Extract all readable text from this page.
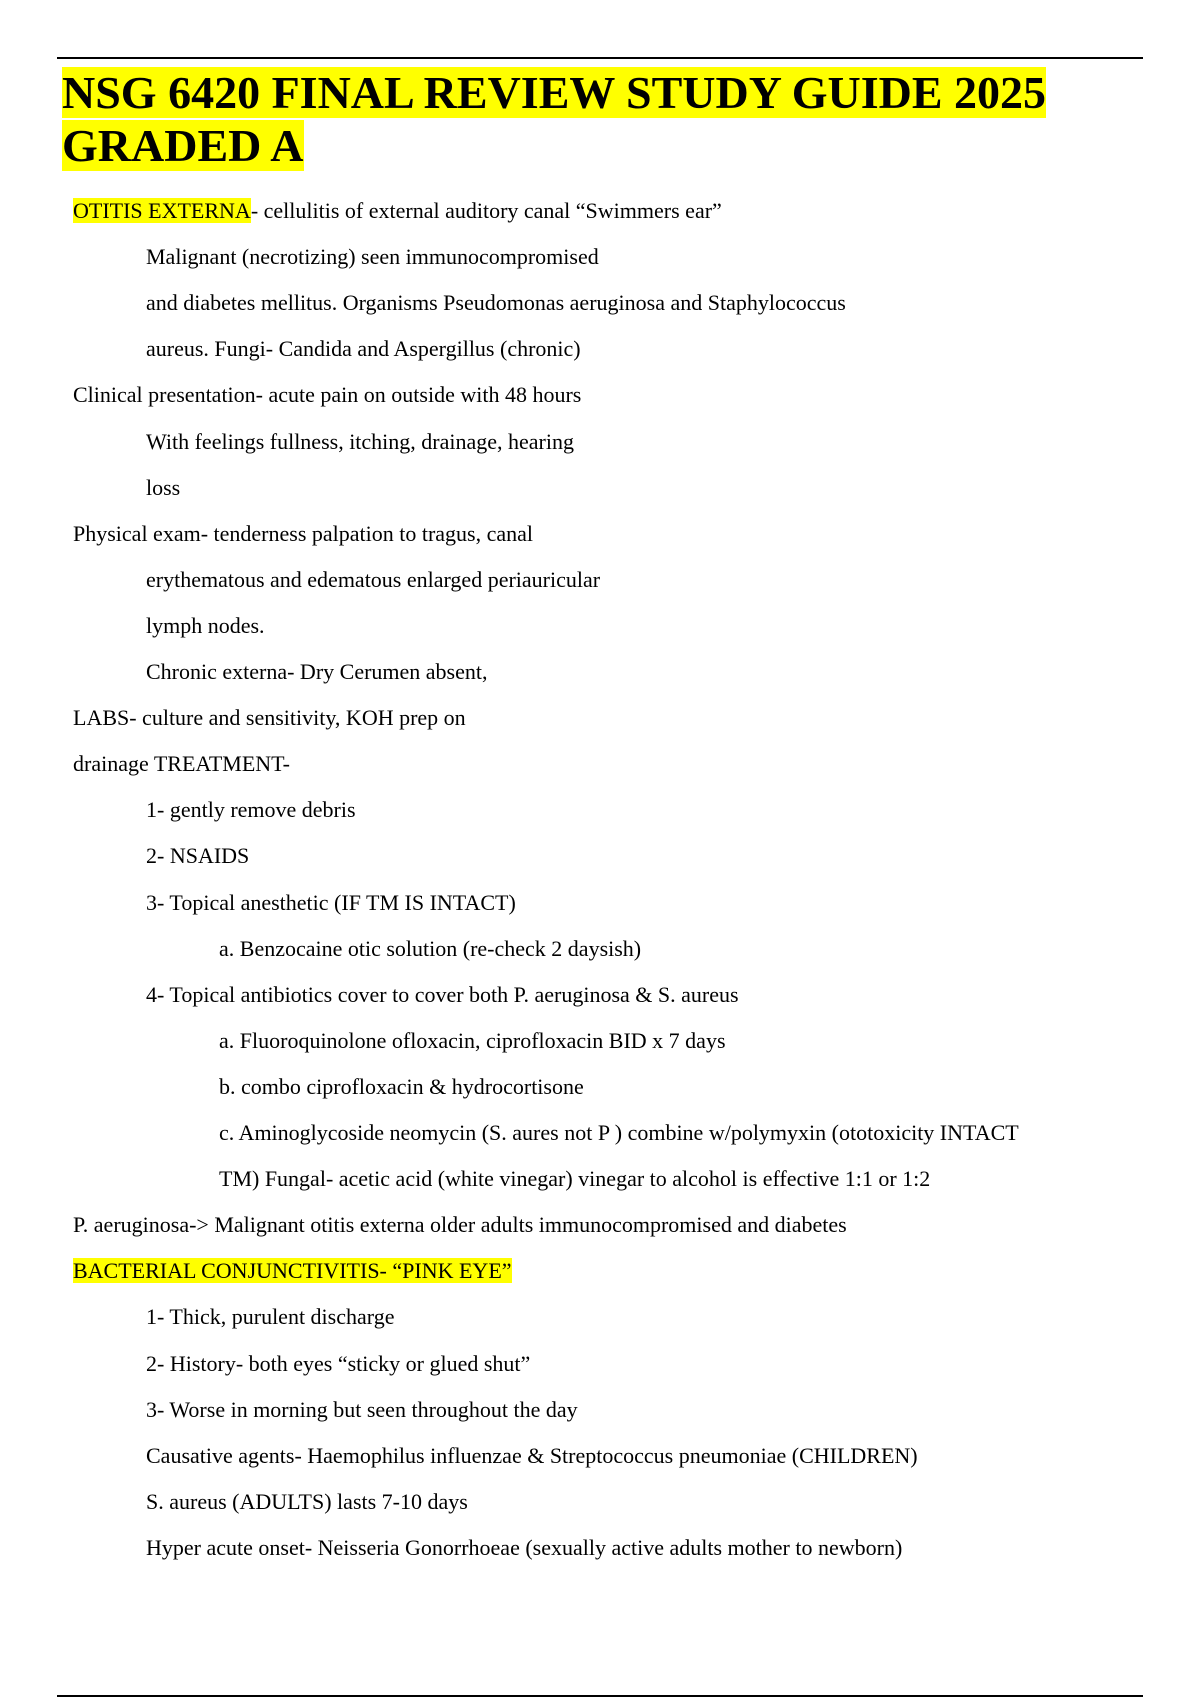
NSG 6420 FINAL REVIEW STUDY GUIDE 2025 GRADED A
OTITIS EXTERNA- cellulitis of external auditory canal “Swimmers ear”
Malignant (necrotizing) seen immunocompromised
and diabetes mellitus. Organisms Pseudomonas aeruginosa and Staphylococcus
aureus. Fungi- Candida and Aspergillus (chronic)
Clinical presentation- acute pain on outside with 48 hours
With feelings fullness, itching, drainage, hearing
loss
Physical exam- tenderness palpation to tragus, canal
erythematous and edematous enlarged periauricular
lymph nodes.
Chronic externa- Dry Cerumen absent,
LABS- culture and sensitivity, KOH prep on
drainage TREATMENT-
1- gently remove debris
2- NSAIDS
3- Topical anesthetic (IF TM IS INTACT)
a. Benzocaine otic solution (re-check 2 daysish)
4- Topical antibiotics cover to cover both P. aeruginosa & S. aureus
a. Fluoroquinolone ofloxacin, ciprofloxacin BID x 7 days
b. combo ciprofloxacin & hydrocortisone
c. Aminoglycoside neomycin (S. aures not P ) combine w/polymyxin (ototoxicity INTACT
TM) Fungal- acetic acid (white vinegar) vinegar to alcohol is effective 1:1 or 1:2
P. aeruginosa-> Malignant otitis externa older adults immunocompromised and diabetes
BACTERIAL CONJUNCTIVITIS- “PINK EYE”
1- Thick, purulent discharge
2- History- both eyes “sticky or glued shut”
3- Worse in morning but seen throughout the day
Causative agents- Haemophilus influenzae & Streptococcus pneumoniae (CHILDREN)
S. aureus (ADULTS) lasts 7-10 days
Hyper acute onset- Neisseria Gonorrhoeae (sexually active adults mother to newborn)
